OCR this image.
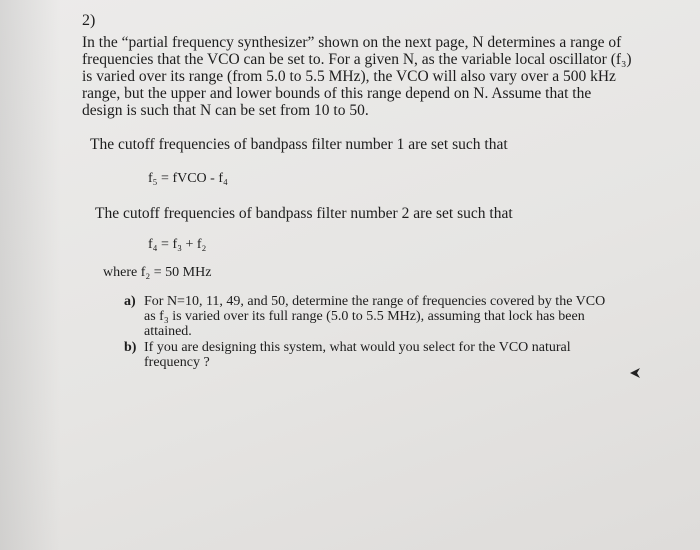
2)
In the “partial frequency synthesizer” shown on the next page, N determines a range of
frequencies that the VCO can be set to. For a given N, as the variable local oscillator (f₃)
is varied over its range (from 5.0 to 5.5 MHz), the VCO will also vary over a 500 kHz
range, but the upper and lower bounds of this range depend on N. Assume that the
design is such that N can be set from 10 to 50.
The cutoff frequencies of bandpass filter number 1 are set such that
f₅ = fVCO - f₄
The cutoff frequencies of bandpass filter number 2 are set such that
f₄ = f₃ + f₂
where f₂ = 50 MHz
a) For N=10, 11, 49, and 50, determine the range of frequencies covered by the VCO
as f₃ is varied over its full range (5.0 to 5.5 MHz), assuming that lock has been
attained.
b) If you are designing this system, what would you select for the VCO natural
frequency ?
